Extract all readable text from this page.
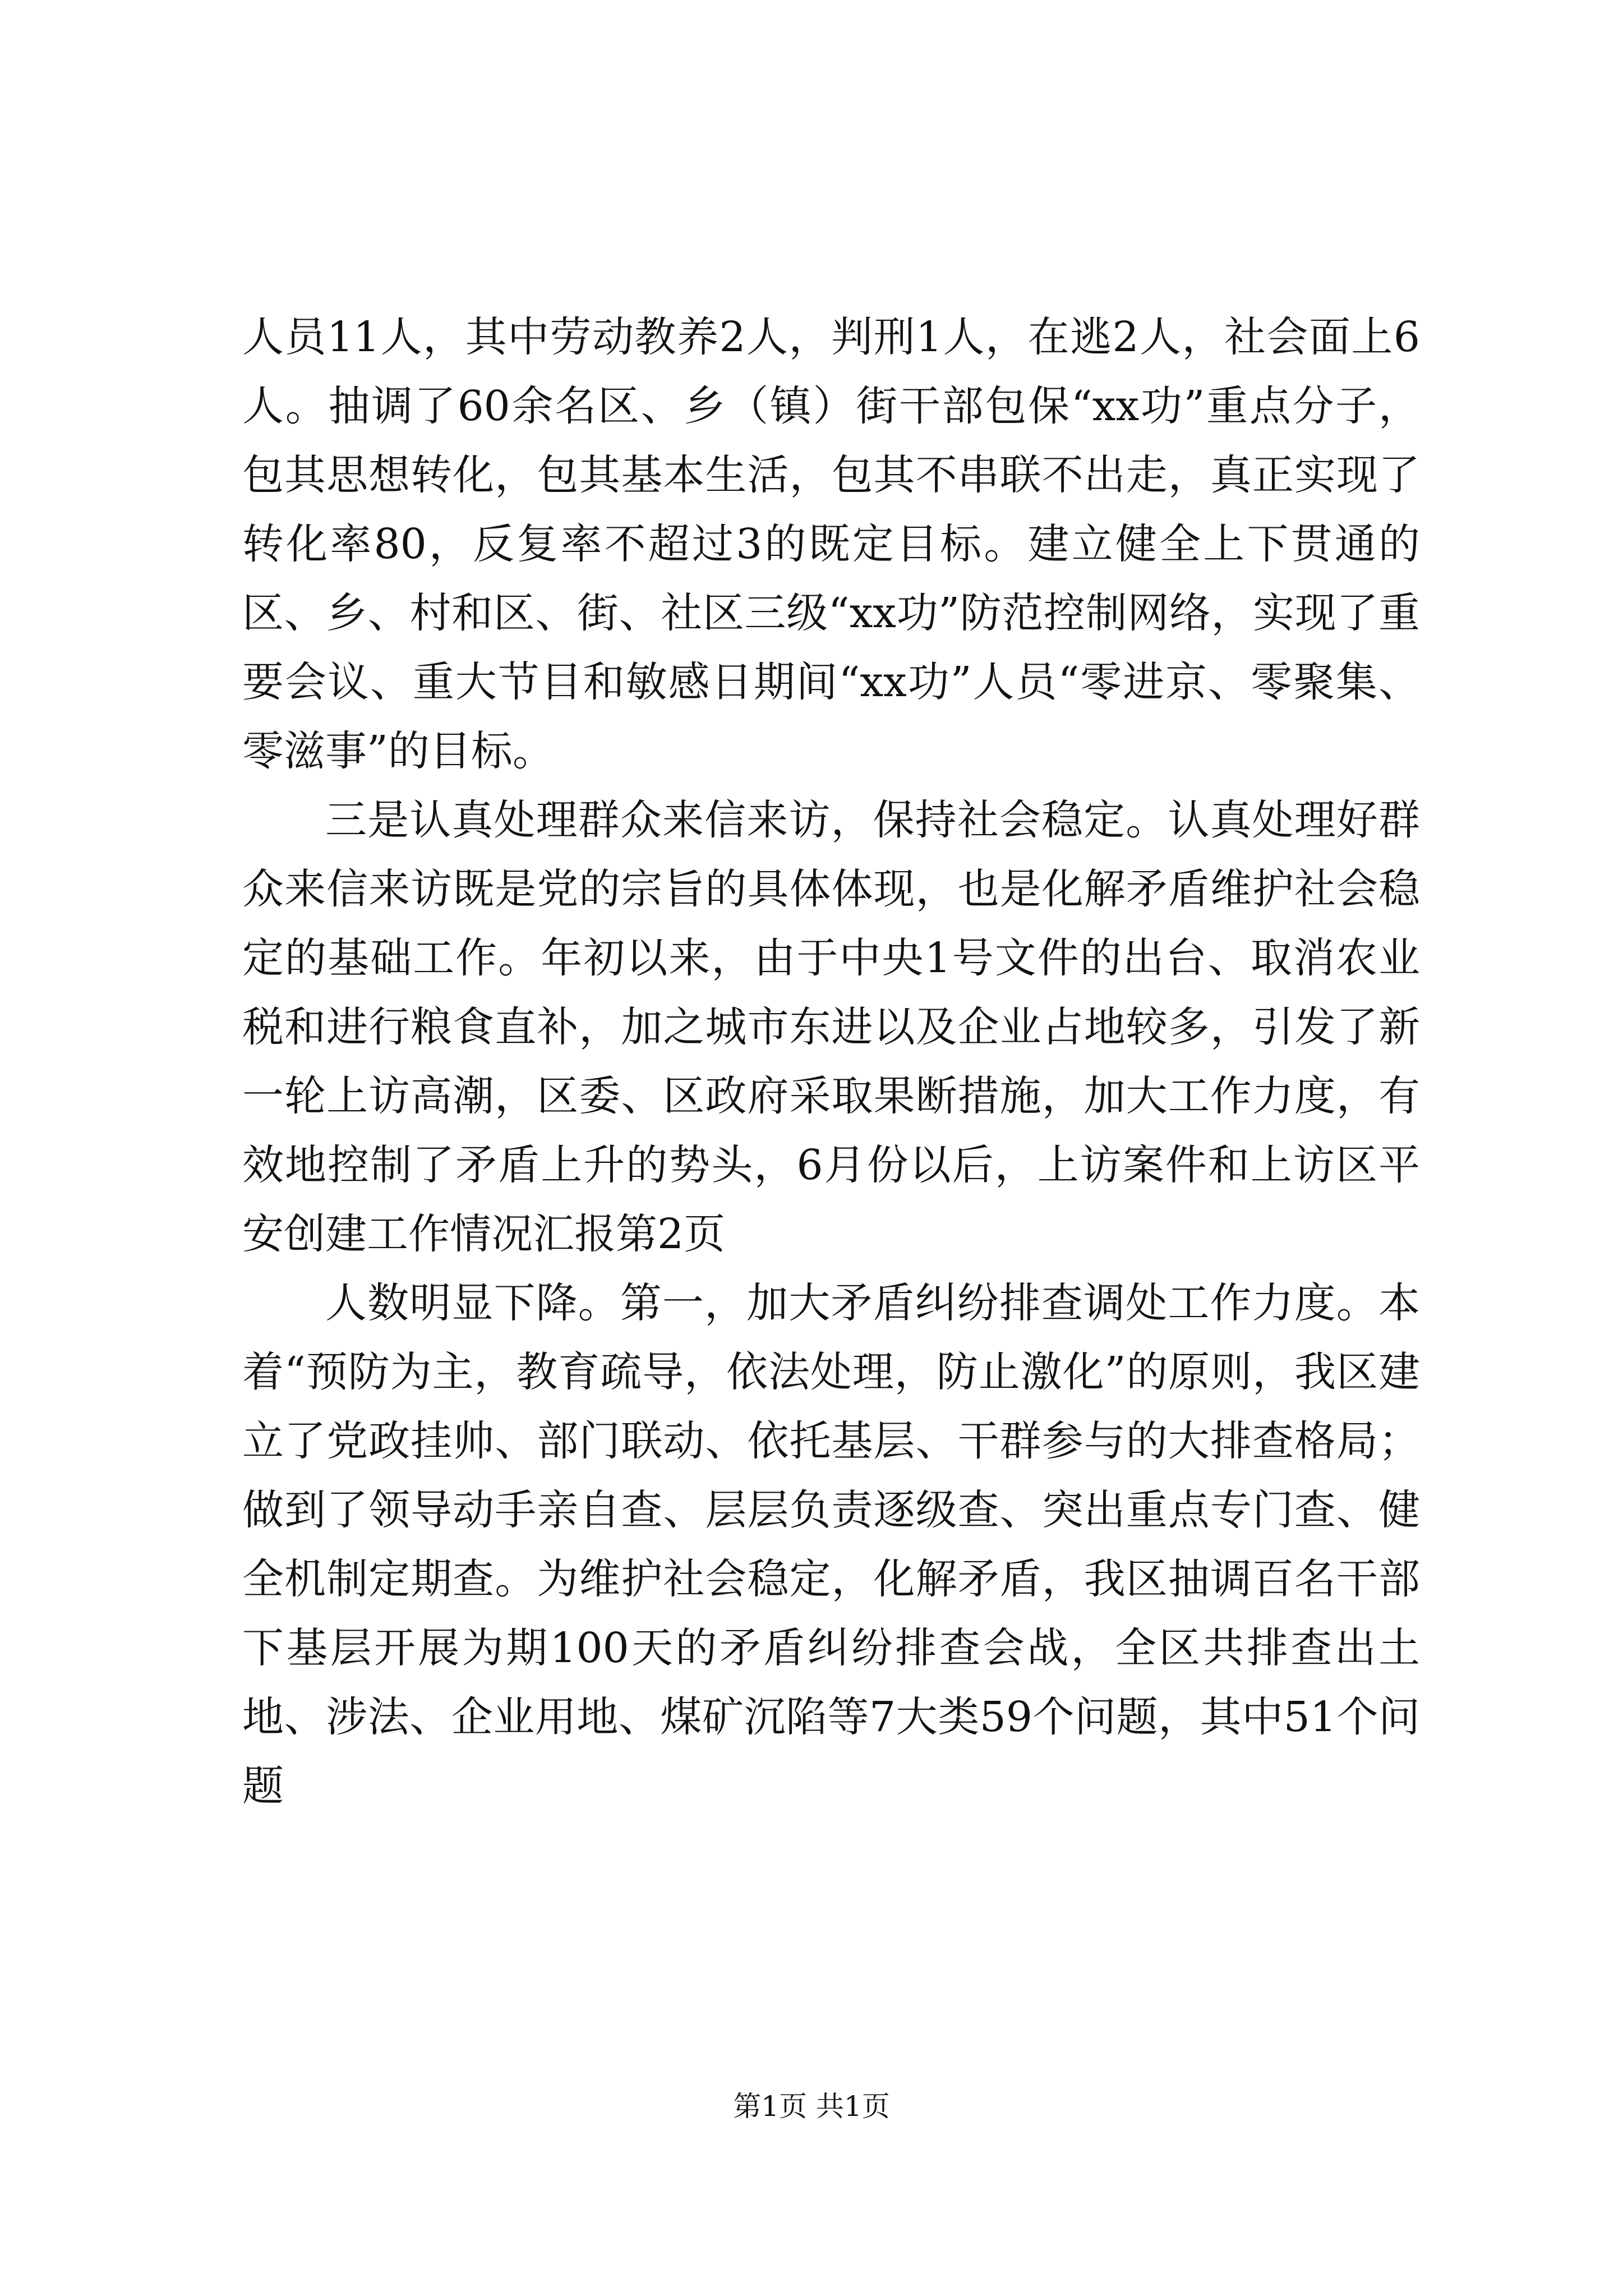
人员11人，其中劳动教养2人，判刑1人，在逃2人，社会面上6人。抽调了60余名区、乡（镇）街干部包保“xx功”重点分子，包其思想转化，包其基本生活，包其不串联不出走，真正实现了转化率80，反复率不超过3的既定目标。建立健全上下贯通的区、乡、村和区、街、社区三级“xx功”防范控制网络，实现了重要会议、重大节目和敏感日期间“xx功”人员“零进京、零聚集、零滋事”的目标。

三是认真处理群众来信来访，保持社会稳定。认真处理好群众来信来访既是党的宗旨的具体体现，也是化解矛盾维护社会稳定的基础工作。年初以来，由于中央1号文件的出台、取消农业税和进行粮食直补，加之城市东进以及企业占地较多，引发了新一轮上访高潮，区委、区政府采取果断措施，加大工作力度，有效地控制了矛盾上升的势头，6月份以后，上访案件和上访区平安创建工作情况汇报第2页

人数明显下降。第一，加大矛盾纠纷排查调处工作力度。本着“预防为主，教育疏导，依法处理，防止激化”的原则，我区建立了党政挂帅、部门联动、依托基层、干群参与的大排查格局；做到了领导动手亲自查、层层负责逐级查、突出重点专门查、健全机制定期查。为维护社会稳定，化解矛盾，我区抽调百名干部下基层开展为期100天的矛盾纠纷排查会战，全区共排查出土地、涉法、企业用地、煤矿沉陷等7大类59个问题，其中51个问题

第1页 共1页
